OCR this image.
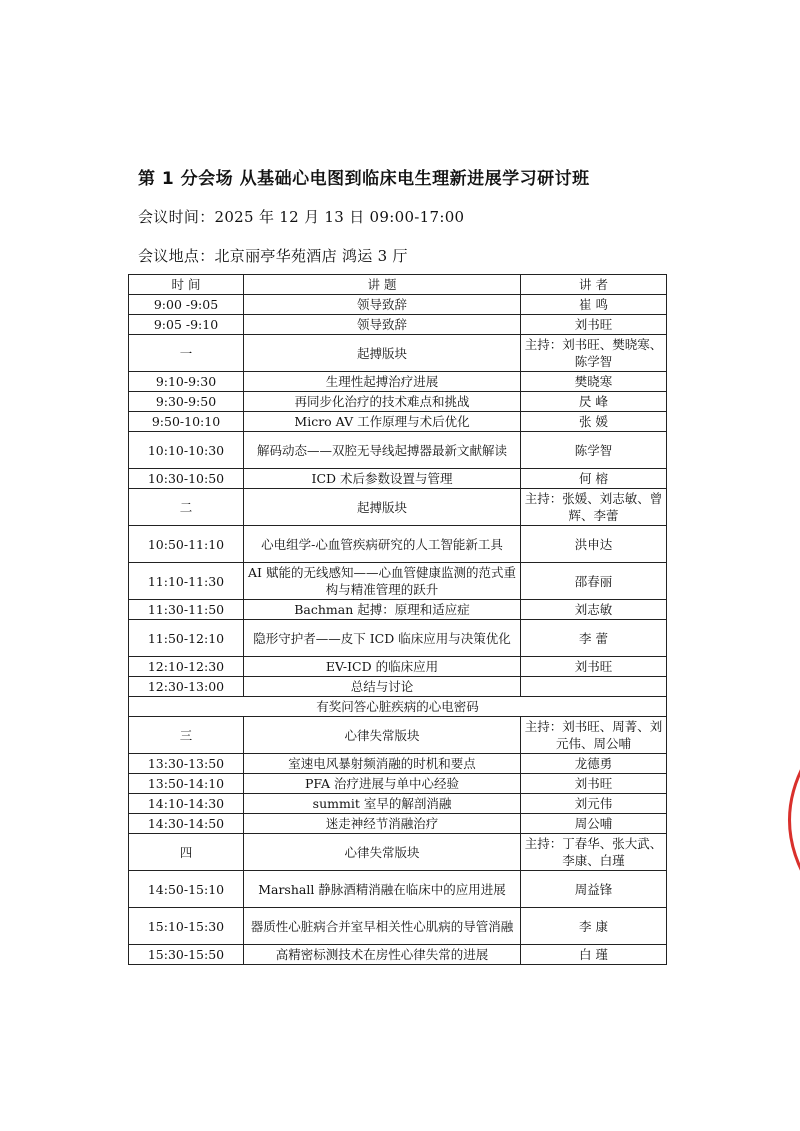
第 1 分会场 从基础心电图到临床电生理新进展学习研讨班
会议时间：2025 年 12 月 13 日 09:00-17:00
会议地点：北京丽亭华苑酒店 鸿运 3 厅
时 间	讲 题	讲 者
9:00 -9:05	领导致辞	崔 鸣
9:05 -9:10	领导致辞	刘书旺
一	起搏版块	主持：刘书旺、樊晓寒、陈学智
9:10-9:30	生理性起搏治疗进展	樊晓寒
9:30-9:50	再同步化治疗的技术难点和挑战	昃 峰
9:50-10:10	Micro AV 工作原理与术后优化	张 媛
10:10-10:30	解码动态——双腔无导线起搏器最新文献解读	陈学智
10:30-10:50	ICD 术后参数设置与管理	何 榕
二	起搏版块	主持：张媛、刘志敏、曾辉、李蕾
10:50-11:10	心电组学-心血管疾病研究的人工智能新工具	洪申达
11:10-11:30	AI 赋能的无线感知——心血管健康监测的范式重构与精准管理的跃升	邵春丽
11:30-11:50	Bachman 起搏：原理和适应症	刘志敏
11:50-12:10	隐形守护者——皮下 ICD 临床应用与决策优化	李 蕾
12:10-12:30	EV-ICD 的临床应用	刘书旺
12:30-13:00	总结与讨论	
有奖问答心脏疾病的心电密码		
三	心律失常版块	主持：刘书旺、周菁、刘元伟、周公哺
13:30-13:50	室速电风暴射频消融的时机和要点	龙德勇
13:50-14:10	PFA 治疗进展与单中心经验	刘书旺
14:10-14:30	summit 室早的解剖消融	刘元伟
14:30-14:50	迷走神经节消融治疗	周公哺
四	心律失常版块	主持：丁春华、张大武、李康、白瑾
14:50-15:10	Marshall 静脉酒精消融在临床中的应用进展	周益锋
15:10-15:30	器质性心脏病合并室早相关性心肌病的导管消融	李 康
15:30-15:50	高精密标测技术在房性心律失常的进展	白 瑾
